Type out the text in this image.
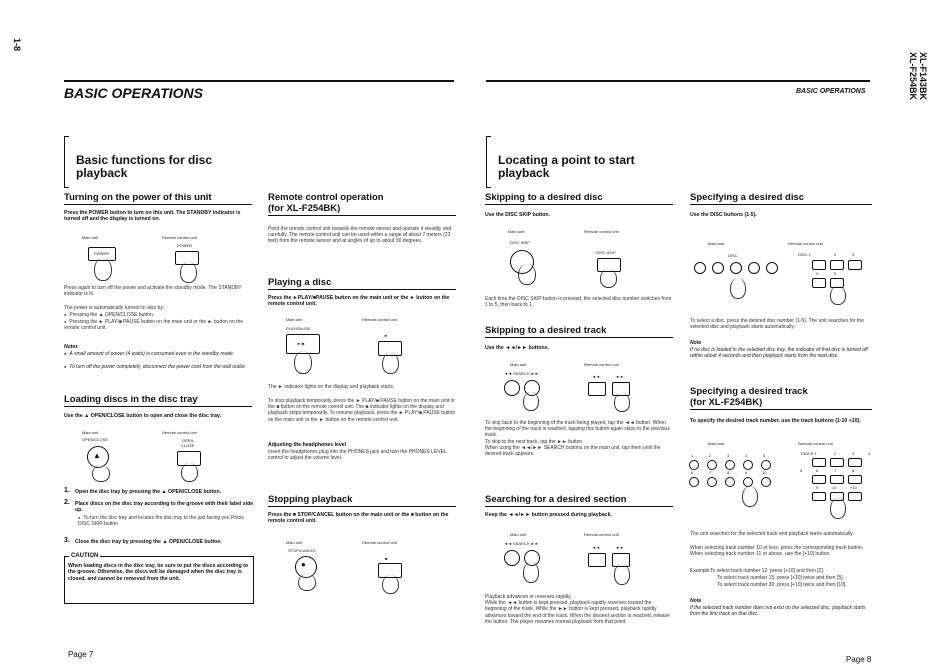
1-8
XL-F143BK
XL-F254BK
BASIC OPERATIONS	BASIC OPERATIONS
Basic functions for disc
playback
Turning on the power of this unit
Press the POWER button to turn on this unit. The STANDBY indicator is turned off and the display is turned on.
Main unit	Remote control unit
POWER
POWER
Press again to turn off the power and activate the standby mode. The STANDBY indicator is lit.
The power is automatically turned on also by:
● Pressing the ▲ OPEN/CLOSE button.
● Pressing the ► PLAY/■ PAUSE button on the main unit or the ► button on the remote control unit.
Notes
● A small amount of power (4 watts) is consumed even in the standby mode.
● To turn off the power completely, disconnect the power cord from the wall outlet.
Loading discs in the disc tray
Use the ▲ OPEN/CLOSE button to open and close the disc tray.
Main unit	Remote control unit
OPEN/CLOSE
▲
OPEN
CLOSE
1. Open the disc tray by pressing the ▲ OPEN/CLOSE button.
2. Place discs on the disc tray according to the groove with their label side up.
● To turn the disc tray and locates the disc tray to the just facing you Press DISC SKIP button
3. Close the disc tray by pressing the ▲ OPEN/CLOSE button.
CAUTION
When loading discs in the disc tray, be sure to put the discs according to the groove. Otherwise, the discs will be damaged when the disc tray is closed, and cannot be removed from the unit.
Remote control operation
(for XL-F254BK)
Point the remote control unit towards the remote sensor and operate it steadily and carefully. The remote control unit can be used within a range of about 7 meters (23 feet) from the remote sensor and at angles of up to about 30 degrees.
Playing a disc
Press the ►PLAY/■PAUSE button on the main unit or the ► button on the remote control unit.
Main unit	Remote control unit
PLAY/PAUSE
►/■
►
The ► indicator lights on the display and playback starts.
To stop playback temporarily, press the ► PLAY/■ PAUSE button on the main unit or the ■ button on the remote control unit. The ■ indicator lights on the display and playback stops temporarily. To resume playback, press the ► PLAY/■ PAUSE button on the main unit or the ► button on the remote control unit.
Adjusting the headphones level
Insert the headphones plug into the PHONES jack and turn the PHONES LEVEL control to adjust the volume level.
Stopping playback
Press the ■ STOP/CANCEL button on the main unit or the ■ button on the remote control unit.
Main unit	Remote control unit
STOP/CANCEL
●
■
Locating a point to start
playback
Skipping to a desired disc
Use the DISC SKIP button.
Main unit	Remote control unit
DISC SKIP
DISC SKIP
Each time the DISC SKIP button is pressed, the selected disc number switches from 1 to 5, then back to 1.
Skipping to a desired track
Use the ◄◄/►► buttons.
Main unit	Remote control unit
◄◄ SEARCH ►►
◄◄	►►
To skip back to the beginning of the track being played, tap the ◄◄ button. When the beginning of the track is reached, tapping this button again skips to the previous track.
To skip to the next track, tap the ►► button.
When using the ◄◄/►► SEARCH buttons on the main unit, tap them until the desired track appears.
Searching for a desired section
Keep the ◄◄/►► button pressed during playback.
Main unit	Remote control unit
◄◄ SEARCH ►►
◄◄	►►
Playback advances or reverses rapidly.
While the ◄◄ button is kept pressed, playback rapidly reverses toward the beginning of the track. While the ►► button is kept pressed, playback rapidly advances toward the end of the track. When the desired section is reached, release the button. The player resumes normal playback from that point.
Specifying a desired disc
Use the DISC buttons (1-5).
Main unit	Remote control unit
DISC	DISC 1	2	3
4	5
To select a disc, press the desired disc number (1-5). The unit searches for the selected disc and playback starts automatically.
Note
If no disc is loaded in the selected disc tray, the indicator of that disc is turned off within about 4 seconds and then playback starts from the next disc.
Specifying a desired track
(for XL-F254BK)
To specify the desired track number, use the track buttons (1-10 +10).
Main unit	Remote control unit
1	2	3	4	5
6	7	8	9	10
TRACK 1	2	3	4
5	6	7	8
9	10	+10
The unit searches for the selected track and playback starts automatically.
When selecting track number 10 or less, press the corresponding track button. When selecting track number 11 or above, use the [+10] button.
Example: To select track number 12: press [+10] and then [2].
To select track number 15: press [+10] twice and then [5].
To select track number 30: press [+10] twice and then [10].
Note
If the selected track number does not exist on the selected disc, playback starts from the first track on that disc.
Page 7
Page 8
